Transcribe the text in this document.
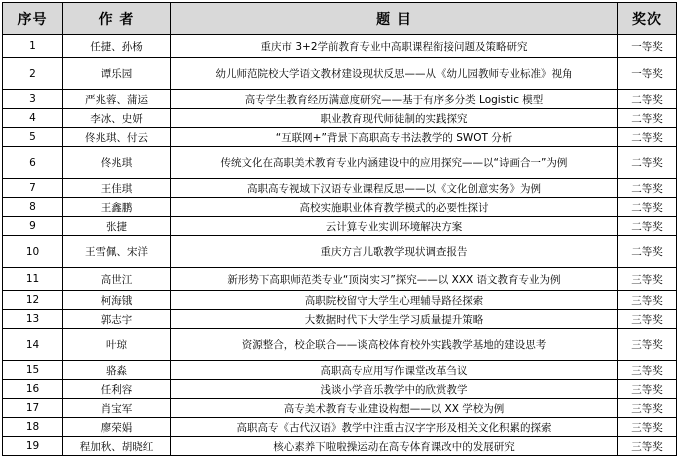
序号	作 者	题 目	奖次
1	任捷、孙杨	重庆市 3+2学前教育专业中高职课程衔接问题及策略研究	一等奖
2	谭乐园	幼儿师范院校大学语文教材建设现状反思——从《幼儿园教师专业标准》视角	一等奖
3	严兆蓉、蒲运	高专学生教育经历满意度研究——基于有序多分类 Logistic 模型	二等奖
4	李冰、史妍	职业教育现代师徒制的实践探究	二等奖
5	佟兆琪、付云	“互联网+”背景下高职高专书法教学的 SWOT 分析	二等奖
6	佟兆琪	传统文化在高职美术教育专业内涵建设中的应用探究——以“诗画合一”为例	二等奖
7	王佳琪	高职高专视域下汉语专业课程反思——以《文化创意实务》为例	二等奖
8	王鑫鹏	高校实施职业体育教学模式的必要性探讨	二等奖
9	张捷	云计算专业实训环境解决方案	二等奖
10	王雪佩、宋洋	重庆方言儿歌教学现状调查报告	二等奖
11	高世江	新形势下高职师范类专业“顶岗实习”探究——以 XXX 语文教育专业为例	三等奖
12	柯海锇	高职院校留守大学生心理辅导路径探索	三等奖
13	郭志宇	大数据时代下大学生学习质量提升策略	三等奖
14	叶琼	资源整合，校企联合——谈高校体育校外实践教学基地的建设思考	三等奖
15	骆淼	高职高专应用写作课堂改革刍议	三等奖
16	任利容	浅谈小学音乐教学中的欣赏教学	三等奖
17	肖宝军	高专美术教育专业建设构想——以 XX 学校为例	三等奖
18	廖荣娟	高职高专《古代汉语》教学中注重古汉字字形及相关文化积累的探索	三等奖
19	程加秋、胡晓红	核心素养下啦啦操运动在高专体育课改中的发展研究	三等奖
